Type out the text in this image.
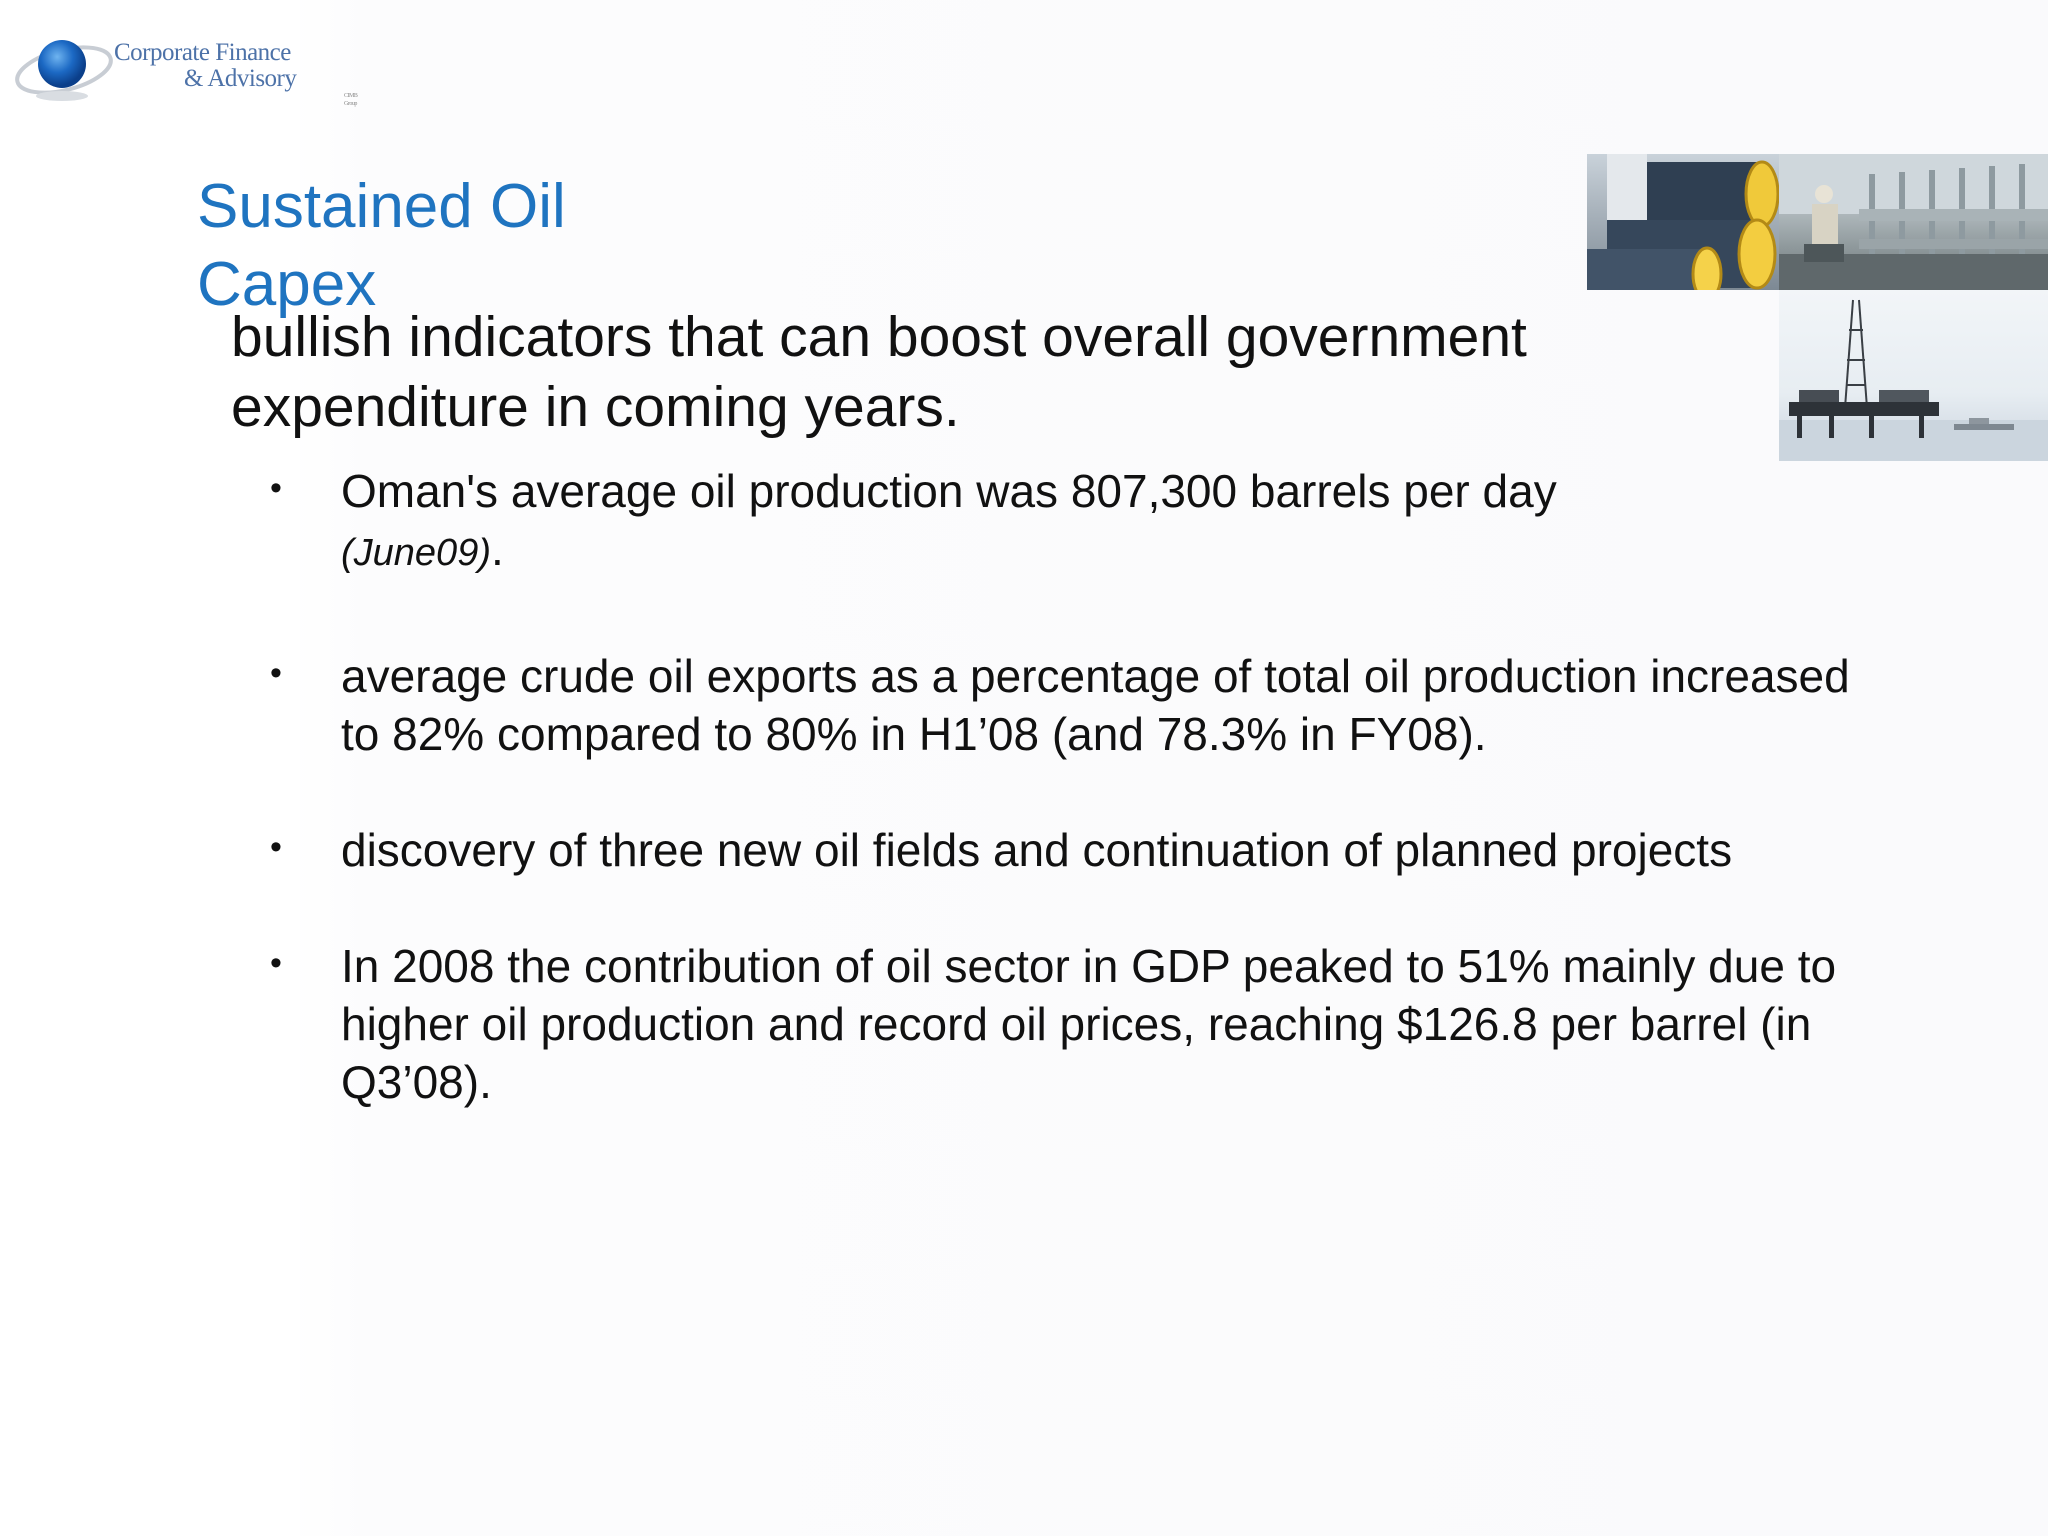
Corporate Finance
& Advisory
CIMB Group
Sustained Oil Capex

bullish indicators that can boost overall government expenditure in coming years.

• Oman's average oil production was 807,300 barrels per day
(June09).
• average crude oil exports as a percentage of total oil production increased to 82% compared to 80% in H1’08 (and 78.3% in FY08).
• discovery of three new oil fields and continuation of planned projects
• In 2008 the contribution of oil sector in GDP peaked to 51% mainly due to higher oil production and record oil prices, reaching $126.8 per barrel (in Q3’08).
